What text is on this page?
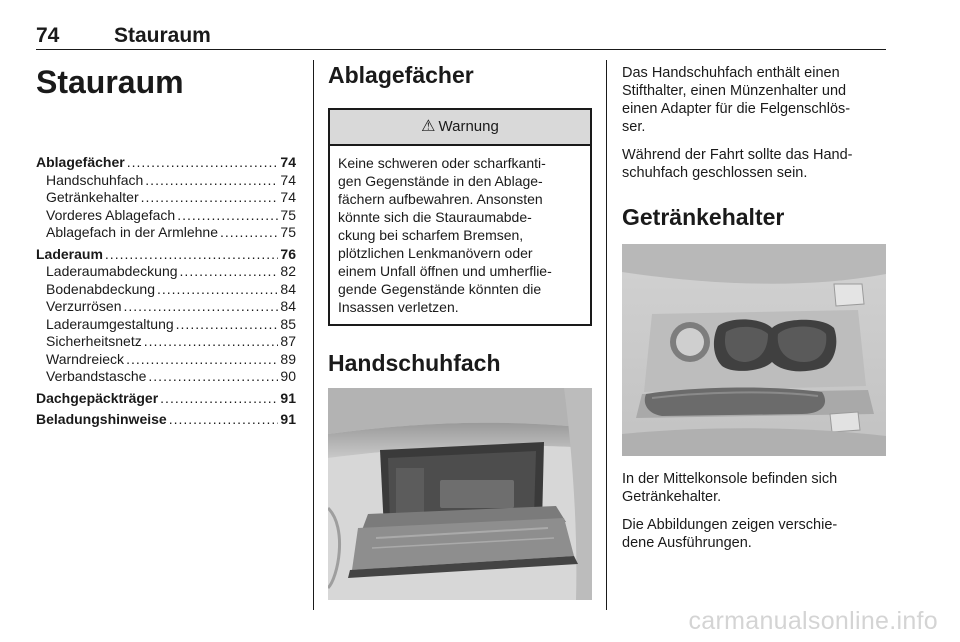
74	Stauraum
Stauraum
Ablagefächer .....	74
Handschuhfach .....	74
Getränkehalter .....	74
Vorderes Ablagefach .....	75
Ablagefach in der Armlehne .....	75
Laderaum .....	76
Laderaumabdeckung .....	82
Bodenabdeckung .....	84
Verzurrösen .....	84
Laderaumgestaltung .....	85
Sicherheitsnetz .....	87
Warndreieck .....	89
Verbandstasche .....	90
Dachgepäckträger .....	91
Beladungshinweise .....	91
Ablagefächer
⚠ Warnung
Keine schweren oder scharfkanti-
gen Gegenstände in den Ablage-
fächern aufbewahren. Ansonsten
könnte sich die Stauraumabde-
ckung bei scharfem Bremsen,
plötzlichen Lenkmanövern oder
einem Unfall öffnen und umherflie-
gende Gegenstände könnten die
Insassen verletzen.
Handschuhfach

Das Handschuhfach enthält einen
Stifthalter, einen Münzenhalter und
einen Adapter für die Felgenschlös-
ser.

Während der Fahrt sollte das Hand-
schuhfach geschlossen sein.

Getränkehalter

In der Mittelkonsole befinden sich
Getränkehalter.

Die Abbildungen zeigen verschie-
dene Ausführungen.

carmanualsonline.info
